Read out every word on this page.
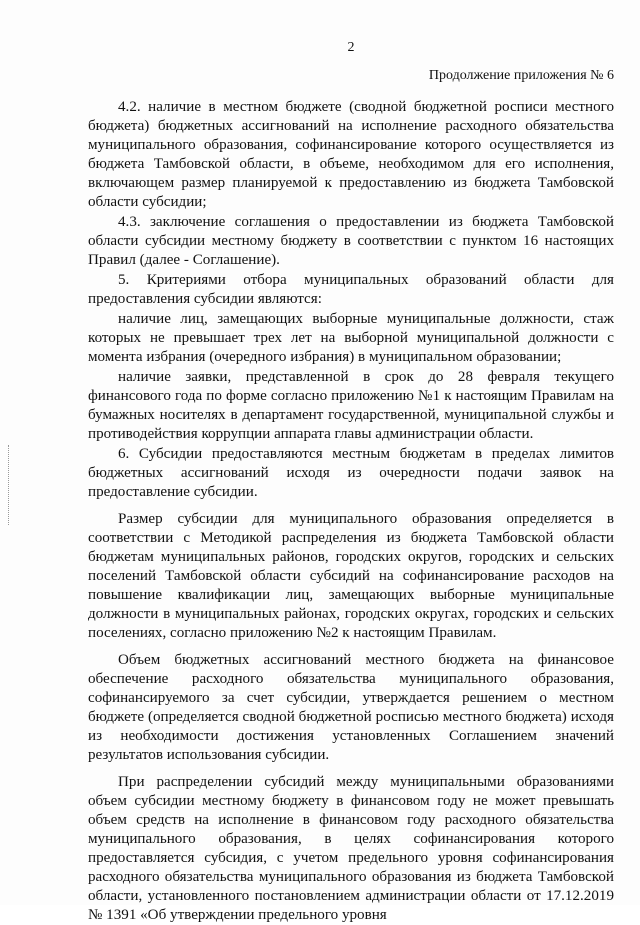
2
Продолжение приложения № 6

4.2. наличие в местном бюджете (сводной бюджетной росписи местного бюджета) бюджетных ассигнований на исполнение расходного обязательства муниципального образования, софинансирование которого осуществляется из бюджета Тамбовской области, в объеме, необходимом для его исполнения, включающем размер планируемой к предоставлению из бюджета Тамбовской области субсидии;

4.3. заключение соглашения о предоставлении из бюджета Тамбовской области субсидии местному бюджету в соответствии с пунктом 16 настоящих Правил (далее - Соглашение).

5. Критериями отбора муниципальных образований области для предоставления субсидии являются:

наличие лиц, замещающих выборные муниципальные должности, стаж которых не превышает трех лет на выборной муниципальной должности с момента избрания (очередного избрания) в муниципальном образовании;

наличие заявки, представленной в срок до 28 февраля текущего финансового года по форме согласно приложению №1 к настоящим Правилам на бумажных носителях в департамент государственной, муниципальной службы и противодействия коррупции аппарата главы администрации области.

6. Субсидии предоставляются местным бюджетам в пределах лимитов бюджетных ассигнований исходя из очередности подачи заявок на предоставление субсидии.

Размер субсидии для муниципального образования определяется в соответствии с Методикой распределения из бюджета Тамбовской области бюджетам муниципальных районов, городских округов, городских и сельских поселений Тамбовской области субсидий на софинансирование расходов на повышение квалификации лиц, замещающих выборные муниципальные должности в муниципальных районах, городских округах, городских и сельских поселениях, согласно приложению №2 к настоящим Правилам.

Объем бюджетных ассигнований местного бюджета на финансовое обеспечение расходного обязательства муниципального образования, софинансируемого за счет субсидии, утверждается решением о местном бюджете (определяется сводной бюджетной росписью местного бюджета) исходя из необходимости достижения установленных Соглашением значений результатов использования субсидии.

При распределении субсидий между муниципальными образованиями объем субсидии местному бюджету в финансовом году не может превышать объем средств на исполнение в финансовом году расходного обязательства муниципального образования, в целях софинансирования которого предоставляется субсидия, с учетом предельного уровня софинансирования расходного обязательства муниципального образования из бюджета Тамбовской области, установленного постановлением администрации области от 17.12.2019 № 1391 «Об утверждении предельного уровня
